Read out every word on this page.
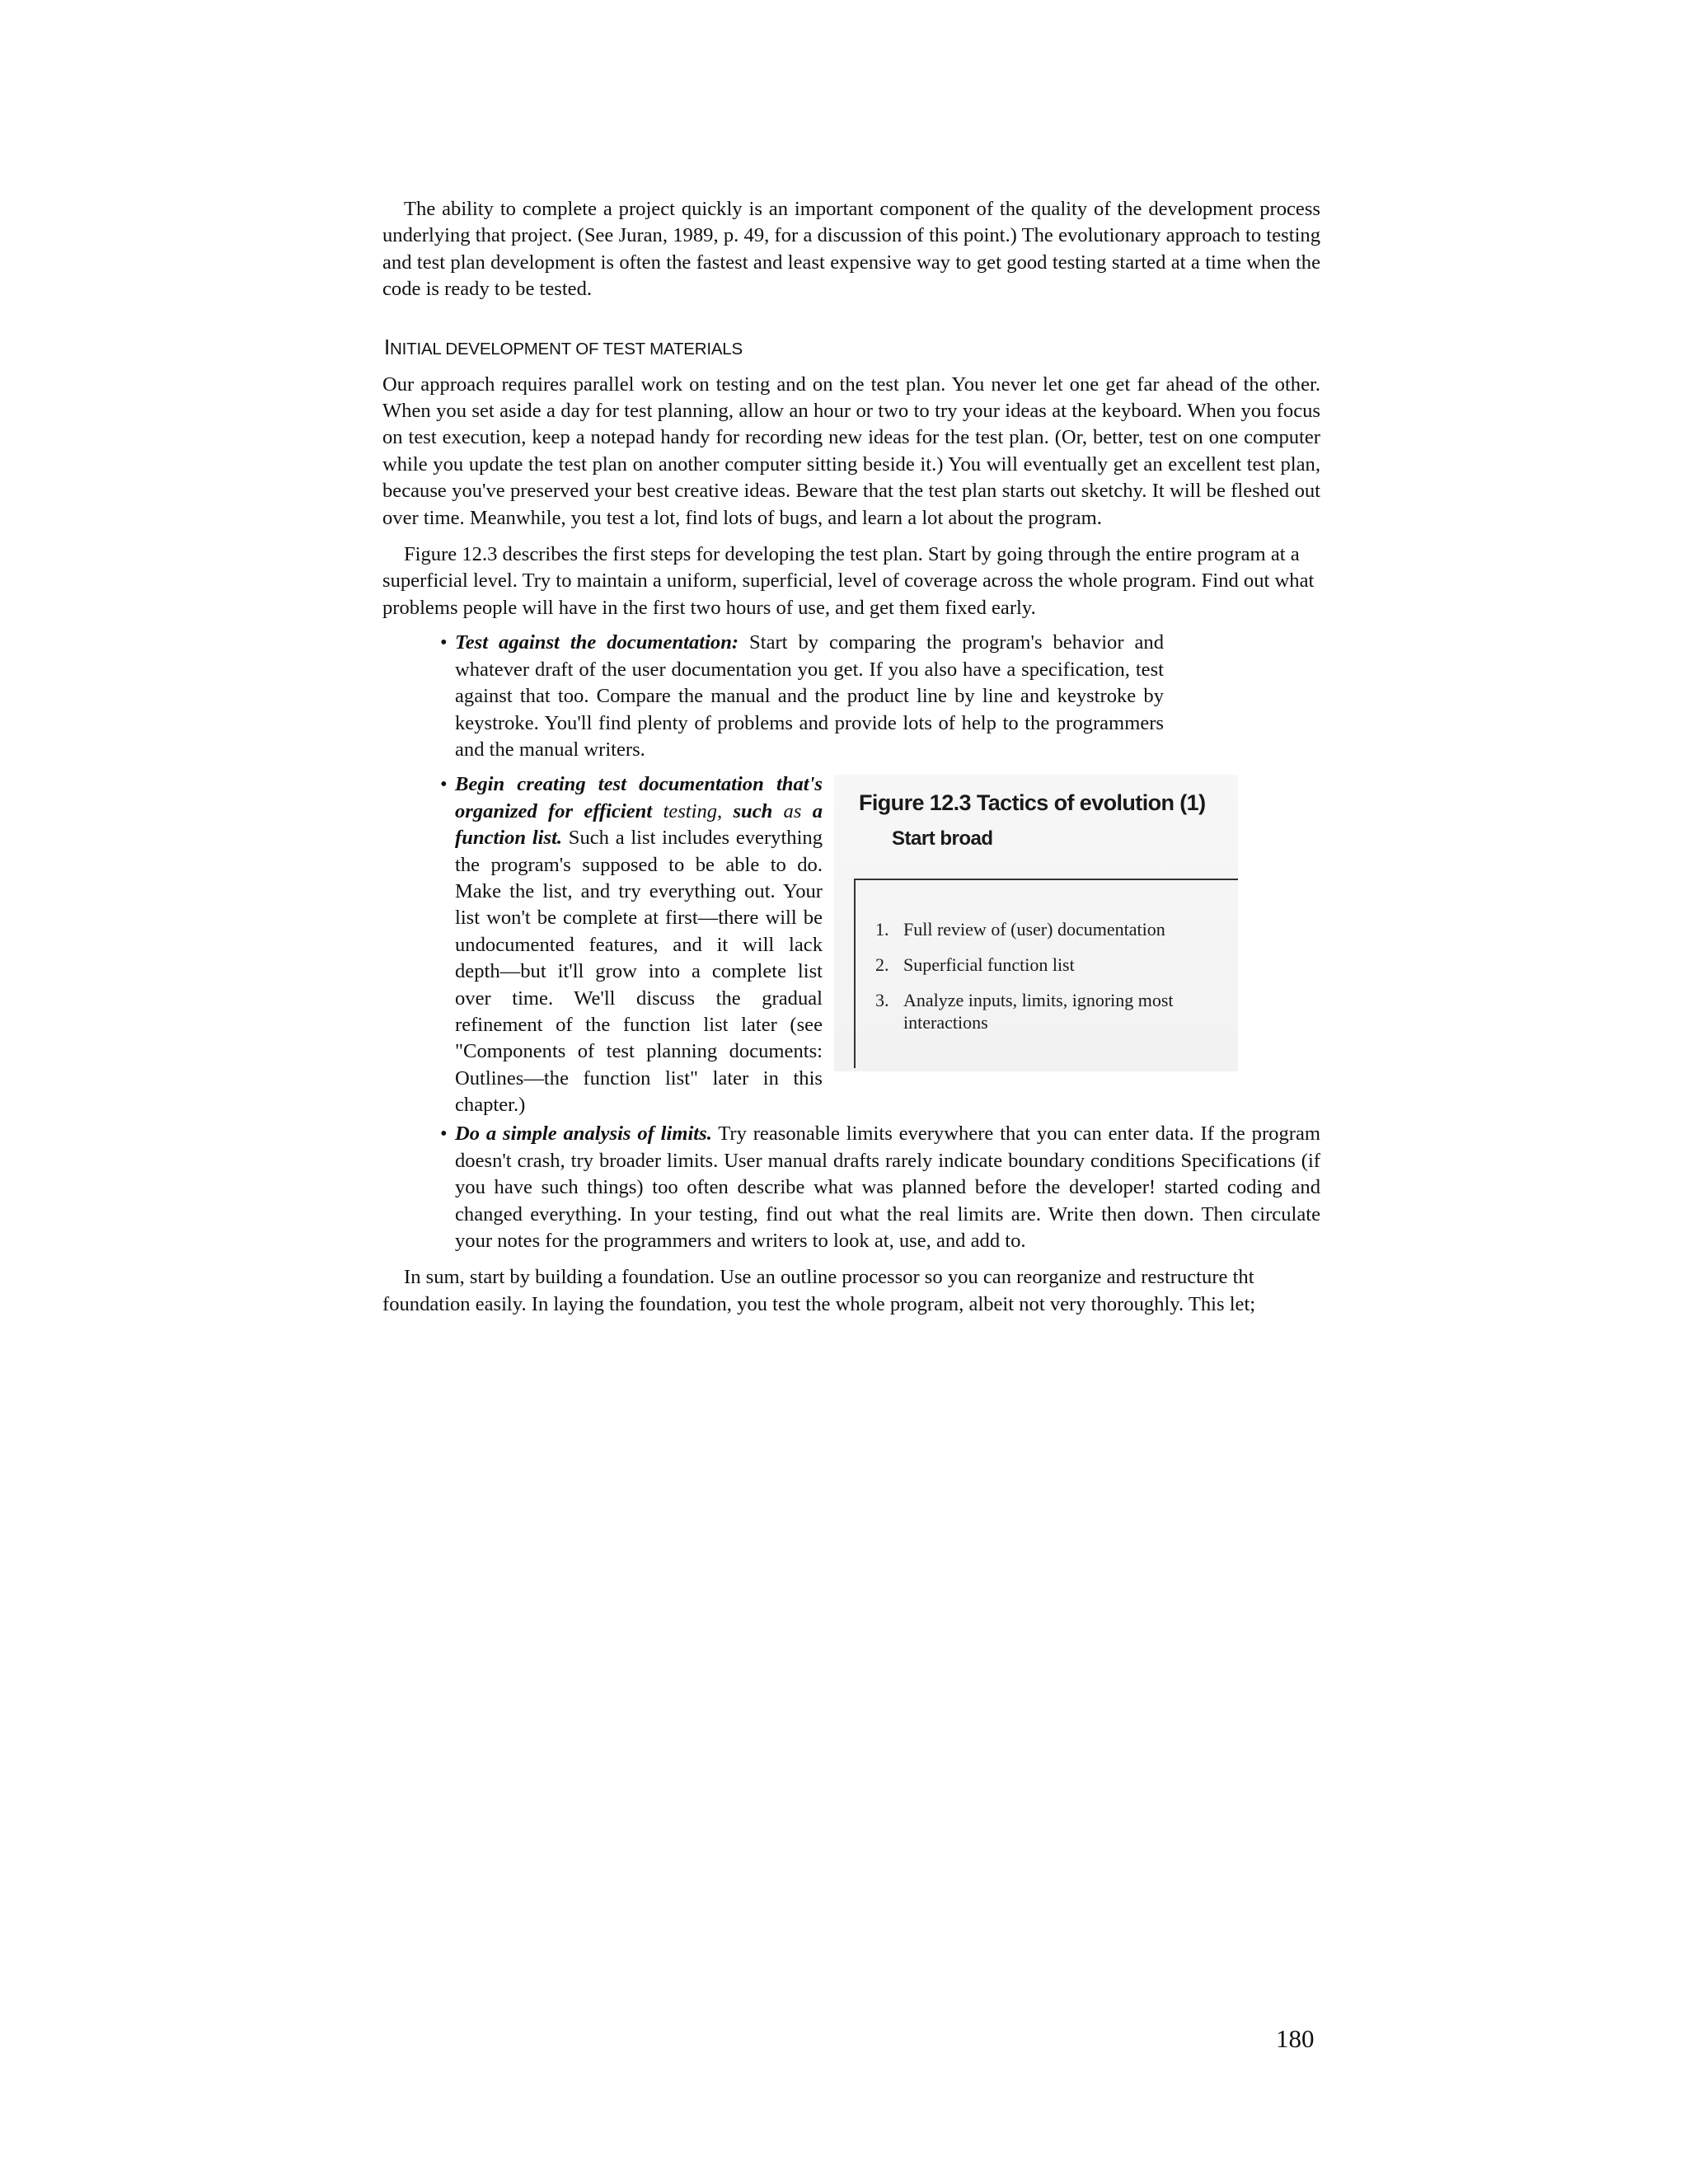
The ability to complete a project quickly is an important component of the quality of the development process underlying that project. (See Juran, 1989, p. 49, for a discussion of this point.) The evolutionary approach to testing and test plan development is often the fastest and least expensive way to get good testing started at a time when the code is ready to be tested.

INITIAL DEVELOPMENT OF TEST MATERIALS

Our approach requires parallel work on testing and on the test plan. You never let one get far ahead of the other. When you set aside a day for test planning, allow an hour or two to try your ideas at the keyboard. When you focus on test execution, keep a notepad handy for recording new ideas for the test plan. (Or, better, test on one computer while you update the test plan on another computer sitting beside it.) You will eventually get an excellent test plan, because you've preserved your best creative ideas. Beware that the test plan starts out sketchy. It will be fleshed out over time. Meanwhile, you test a lot, find lots of bugs, and learn a lot about the program.

Figure 12.3 describes the first steps for developing the test plan. Start by going through the entire program at a superficial level. Try to maintain a uniform, superficial, level of coverage across the whole program. Find out what problems people will have in the first two hours of use, and get them fixed early.

• Test against the documentation: Start by comparing the program's behavior and whatever draft of the user documentation you get. If you also have a specification, test against that too. Compare the manual and the product line by line and keystroke by keystroke. You'll find plenty of problems and provide lots of help to the programmers and the manual writers.

• Begin creating test documentation that's organized for efficient testing, such as a function list. Such a list includes everything the program's supposed to be able to do. Make the list, and try everything out. Your list won't be complete at first—there will be undocumented features, and it will lack depth—but it'll grow into a complete list over time. We'll discuss the gradual refinement of the function list later (see "Components of test planning documents: Outlines—the function list" later in this chapter.)

Figure 12.3 Tactics of evolution (1)
Start broad
1. Full review of (user) documentation
2. Superficial function list
3. Analyze inputs, limits, ignoring most interactions
• Do a simple analysis of limits. Try reasonable limits everywhere that you can enter data. If the program doesn't crash, try broader limits. User manual drafts rarely indicate boundary conditions Specifications (if you have such things) too often describe what was planned before the developer! started coding and changed everything. In your testing, find out what the real limits are. Write then down. Then circulate your notes for the programmers and writers to look at, use, and add to.

In sum, start by building a foundation. Use an outline processor so you can reorganize and restructure tht foundation easily. In laying the foundation, you test the whole program, albeit not very thoroughly. This let;

180
